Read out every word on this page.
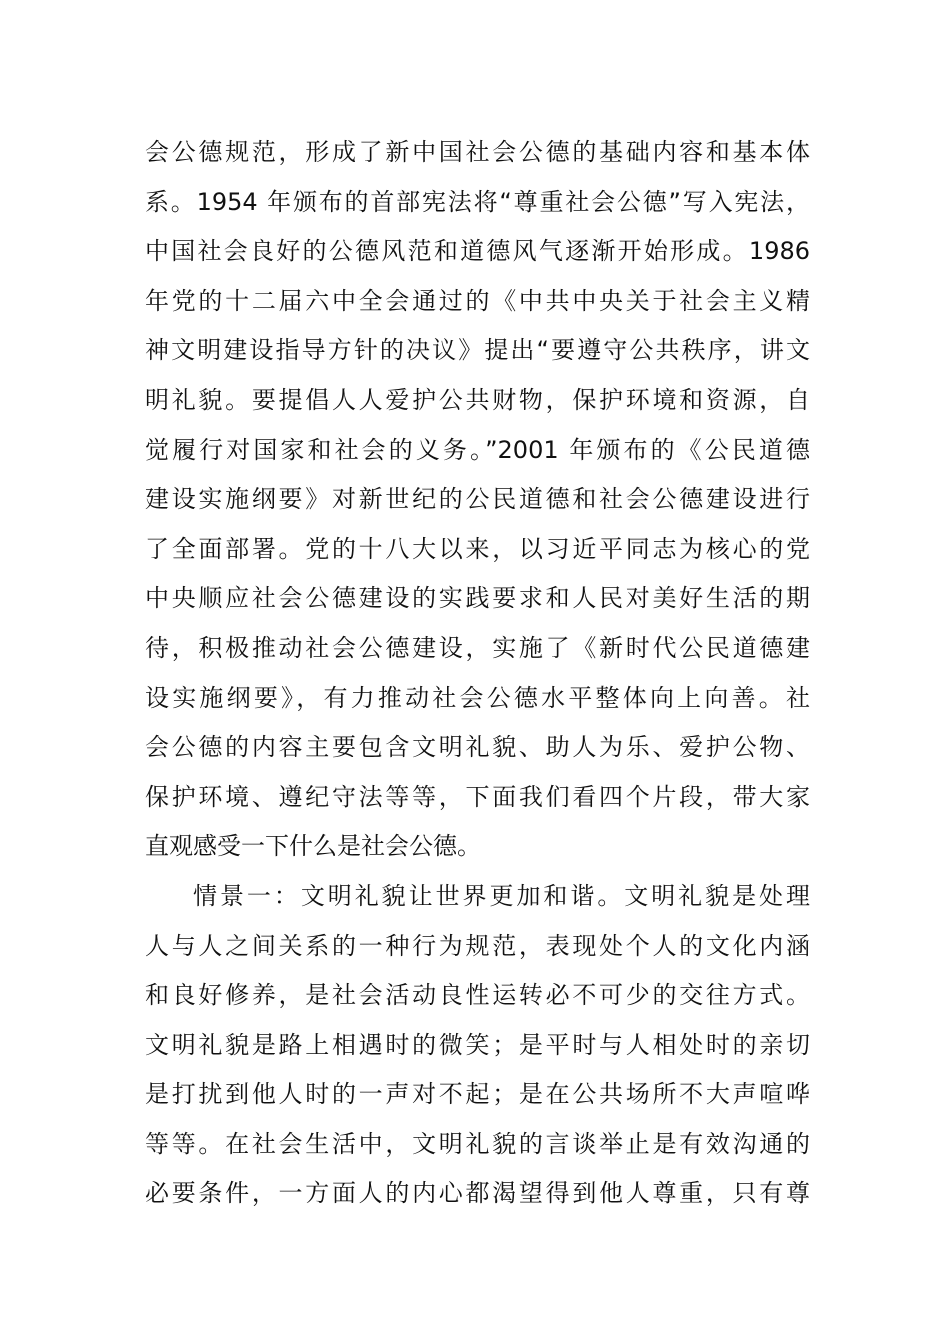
会公德规范，形成了新中国社会公德的基础内容和基本体
系。1954 年颁布的首部宪法将“尊重社会公德”写入宪法，
中国社会良好的公德风范和道德风气逐渐开始形成。1986
年党的十二届六中全会通过的《中共中央关于社会主义精
神文明建设指导方针的决议》提出“要遵守公共秩序，讲文
明礼貌。要提倡人人爱护公共财物，保护环境和资源，自
觉履行对国家和社会的义务。”2001 年颁布的《公民道德
建设实施纲要》对新世纪的公民道德和社会公德建设进行
了全面部署。党的十八大以来，以习近平同志为核心的党
中央顺应社会公德建设的实践要求和人民对美好生活的期
待，积极推动社会公德建设，实施了《新时代公民道德建
设实施纲要》，有力推动社会公德水平整体向上向善。社
会公德的内容主要包含文明礼貌、助人为乐、爱护公物、
保护环境、遵纪守法等等，下面我们看四个片段，带大家
直观感受一下什么是社会公德。
情景一：文明礼貌让世界更加和谐。文明礼貌是处理
人与人之间关系的一种行为规范，表现处个人的文化内涵
和良好修养，是社会活动良性运转必不可少的交往方式。
文明礼貌是路上相遇时的微笑；是平时与人相处时的亲切
是打扰到他人时的一声对不起；是在公共场所不大声喧哗
等等。在社会生活中，文明礼貌的言谈举止是有效沟通的
必要条件，一方面人的内心都渴望得到他人尊重，只有尊
